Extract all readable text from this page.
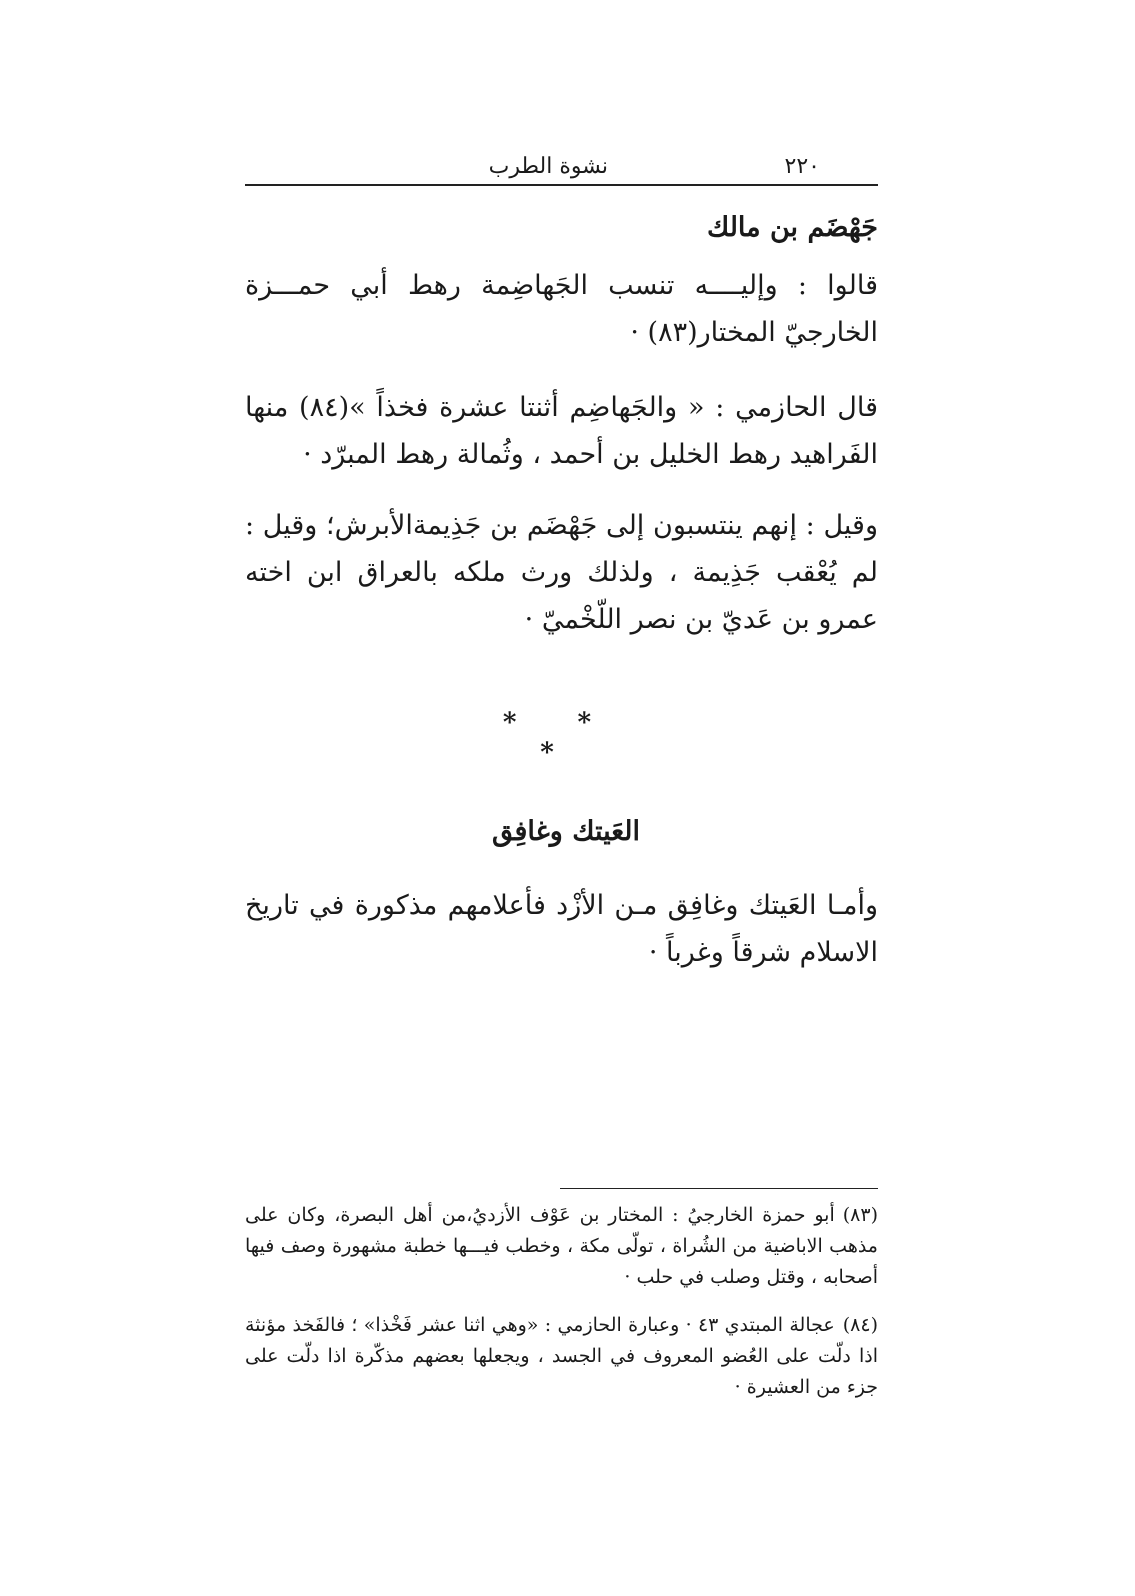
٢٢٠
نشوة الطرب
جَهْضَم بن مالك

قالوا : وإليــــه تنسب الجَهاضِمة رهط أبي حمـــزة الخارجيّ المختار(٨٣) ·

قال الحازمي : « والجَهاضِم أثنتا عشرة فخذاً »(٨٤) منها الفَراهيد رهط الخليل بن أحمد ، وثُمالة رهط المبرّد ·

وقيل : إنهم ينتسبون إلى جَهْضَم بن جَذِيمةالأبرش؛ وقيل : لم يُعْقب جَذِيمة ، ولذلك ورث ملكه بالعراق ابن اخته عمرو بن عَديّ بن نصر اللّخْميّ ·

* * *
العَيتك وغافِق

وأمـا العَيتك وغافِق مـن الأزْد فأعلامهم مذكورة في تاريخ الاسلام شرقاً وغرباً ·

(٨٣)أبو حمزة الخارجيُ : المختار بن عَوْف الأزديُ،من أهل البصرة، وكان على مذهب الاباضية من الشُراة ، تولّى مكة ، وخطب فيـــها خطبة مشهورة وصف فيها أصحابه ، وقتل وصلب في حلب ·

(٨٤)عجالة المبتدي ٤٣ · وعبارة الحازمي : «وهي اثنا عشر فَخْذا» ؛ فالفَخذ مؤنثة اذا دلّت على العُضو المعروف في الجسد ، ويجعلها بعضهم مذكّرة اذا دلّت على جزء من العشيرة ·
